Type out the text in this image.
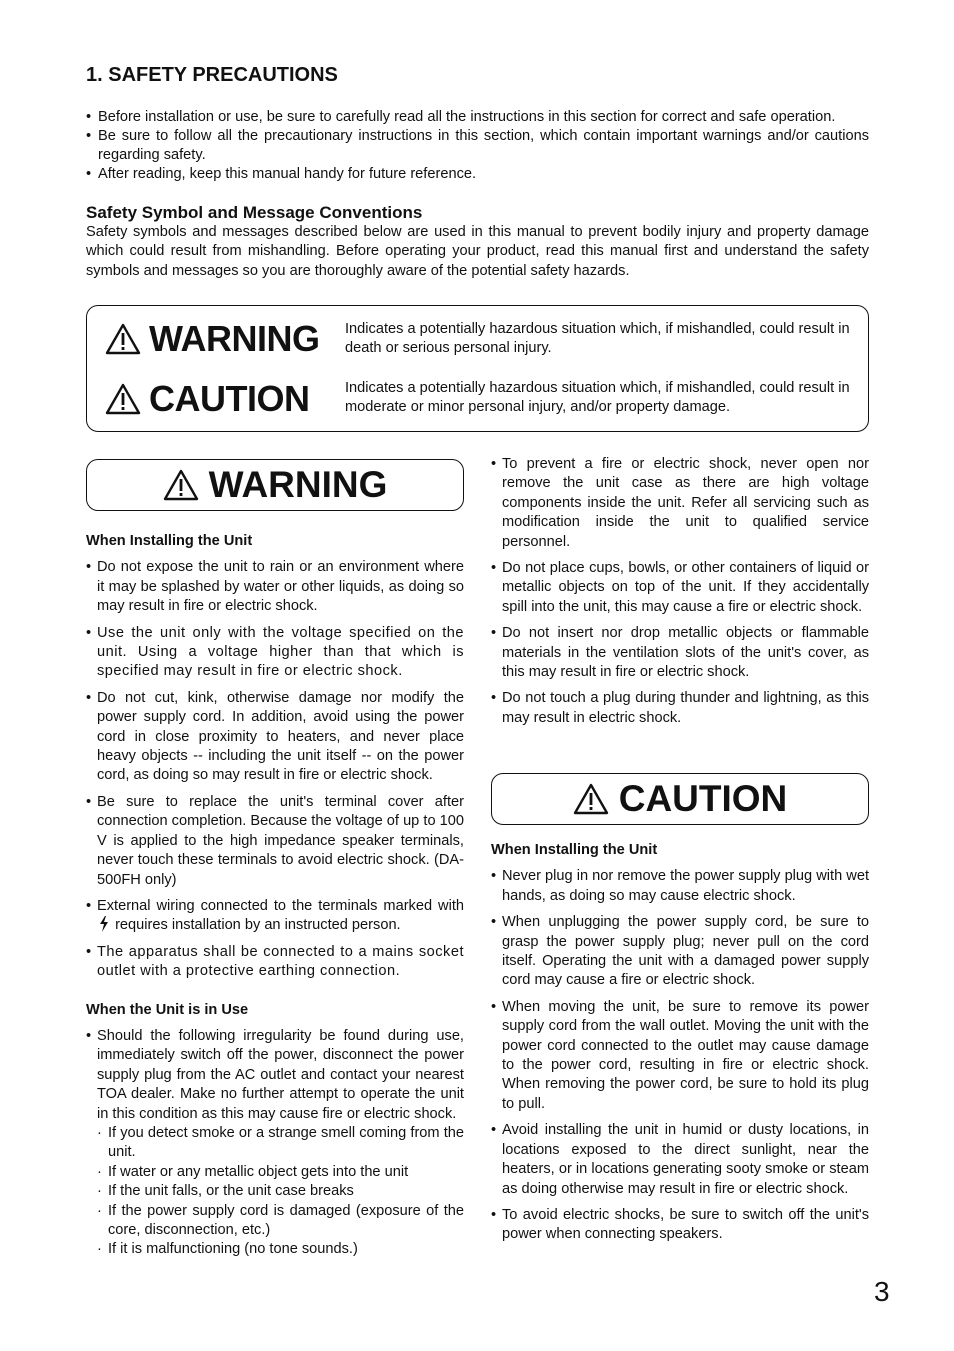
1. SAFETY PRECAUTIONS
• Before installation or use, be sure to carefully read all the instructions in this section for correct and safe operation.
• Be sure to follow all the precautionary instructions in this section, which contain important warnings and/or cautions regarding safety.
• After reading, keep this manual handy for future reference.
Safety Symbol and Message Conventions

Safety symbols and messages described below are used in this manual to prevent bodily injury and property damage which could result from mishandling. Before operating your product, read this manual first and understand the safety symbols and messages so you are thoroughly aware of the potential safety hazards.

WARNING Indicates a potentially hazardous situation which, if mishandled, could result in death or serious personal injury.
CAUTION Indicates a potentially hazardous situation which, if mishandled, could result in moderate or minor personal injury, and/or property damage.
WARNING
When Installing the Unit
• Do not expose the unit to rain or an environment where it may be splashed by water or other liquids, as doing so may result in fire or electric shock.
• Use the unit only with the voltage specified on the unit. Using a voltage higher than that which is specified may result in fire or electric shock.
• Do not cut, kink, otherwise damage nor modify the power supply cord. In addition, avoid using the power cord in close proximity to heaters, and never place heavy objects -- including the unit itself -- on the power cord, as doing so may result in fire or electric shock.
• Be sure to replace the unit's terminal cover after connection completion. Because the voltage of up to 100 V is applied to the high impedance speaker terminals, never touch these terminals to avoid electric shock. (DA-500FH only)
• External wiring connected to the terminals marked with  requires installation by an instructed person.
• The apparatus shall be connected to a mains socket outlet with a protective earthing connection.
When the Unit is in Use
• Should the following irregularity be found during use, immediately switch off the power, disconnect the power supply plug from the AC outlet and contact your nearest TOA dealer. Make no further attempt to operate the unit in this condition as this may cause fire or electric shock.
· If you detect smoke or a strange smell coming from the unit.
· If water or any metallic object gets into the unit
· If the unit falls, or the unit case breaks
· If the power supply cord is damaged (exposure of the core, disconnection, etc.)
· If it is malfunctioning (no tone sounds.)
• To prevent a fire or electric shock, never open nor remove the unit case as there are high voltage components inside the unit. Refer all servicing such as modification inside the unit to qualified service personnel.
• Do not place cups, bowls, or other containers of liquid or metallic objects on top of the unit. If they accidentally spill into the unit, this may cause a fire or electric shock.
• Do not insert nor drop metallic objects or flammable materials in the ventilation slots of the unit's cover, as this may result in fire or electric shock.
• Do not touch a plug during thunder and lightning, as this may result in electric shock.
CAUTION
When Installing the Unit
• Never plug in nor remove the power supply plug with wet hands, as doing so may cause electric shock.
• When unplugging the power supply cord, be sure to grasp the power supply plug; never pull on the cord itself. Operating the unit with a damaged power supply cord may cause a fire or electric shock.
• When moving the unit, be sure to remove its power supply cord from the wall outlet. Moving the unit with the power cord connected to the outlet may cause damage to the power cord, resulting in fire or electric shock. When removing the power cord, be sure to hold its plug to pull.
• Avoid installing the unit in humid or dusty locations, in locations exposed to the direct sunlight, near the heaters, or in locations generating sooty smoke or steam as doing otherwise may result in fire or electric shock.
• To avoid electric shocks, be sure to switch off the unit's power when connecting speakers.
3
